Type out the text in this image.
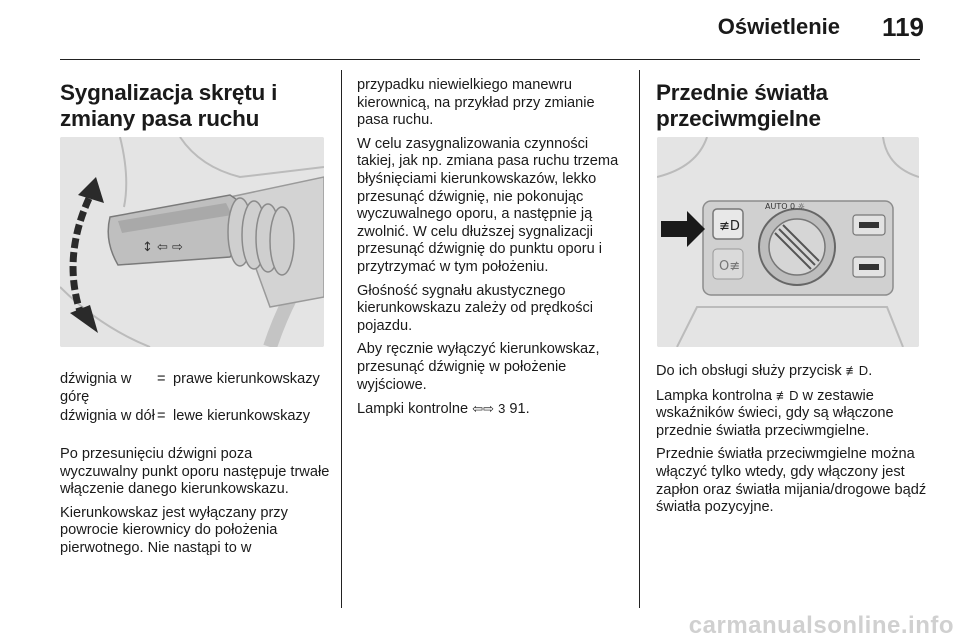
Oświetlenie 119
Sygnalizacja skrętu i
zmiany pasa ruchu
↕ ⇦ ⇨
dźwignia w górę
= prawe kierunkowskazy
dźwignia w dół = lewe kierunkowskazy

Po przesunięciu dźwigni poza wyczuwalny punkt oporu następuje trwałe włączenie danego kierunkowskazu.

Kierunkowskaz jest wyłączany przy powrocie kierownicy do położenia pierwotnego. Nie nastąpi to w

przypadku niewielkiego manewru kierownicą, na przykład przy zmianie pasa ruchu.

W celu zasygnalizowania czynności takiej, jak np. zmiana pasa ruchu trzema błyśnięciami kierunkowskazów, lekko przesunąć dźwignię, nie pokonując wyczuwalnego oporu, a następnie ją zwolnić. W celu dłuższej sygnalizacji przesunąć dźwignię do punktu oporu i przytrzymać w tym położeniu.

Głośność sygnału akustycznego kierunkowskazu zależy od prędkości pojazdu.

Aby ręcznie wyłączyć kierunkowskaz, przesunąć dźwignię w położenie wyjściowe.

Lampki kontrolne ⇦⇨ 3 91.

Przednie światła
przeciwmgielne
≢D
O≢
AUTO 0 ☼

Do ich obsługi służy przycisk ≢D.

Lampka kontrolna ≢D w zestawie wskaźników świeci, gdy są włączone przednie światła przeciwmgielne.

Przednie światła przeciwmgielne można włączyć tylko wtedy, gdy włączony jest zapłon oraz światła mijania/drogowe bądź światła pozycyjne.

carmanualsonline.info
